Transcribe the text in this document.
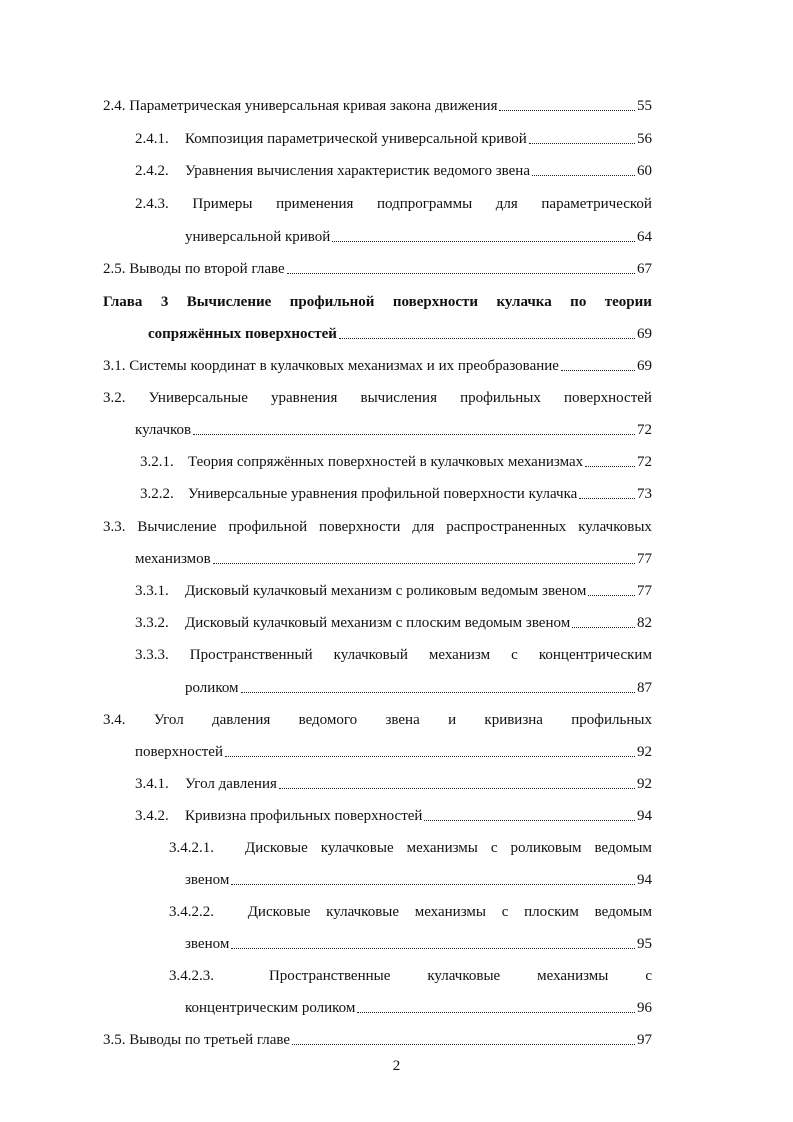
2.4. Параметрическая универсальная кривая закона движения	55
2.4.1. Композиция параметрической универсальной кривой	56
2.4.2. Уравнения вычисления характеристик ведомого звена	60
2.4.3. Примеры применения подпрограммы для параметрической
универсальной кривой	64
2.5. Выводы по второй главе	67
Глава 3 Вычисление профильной поверхности кулачка по теории
сопряжённых поверхностей	69
3.1. Системы координат в кулачковых механизмах и их преобразование	69
3.2. Универсальные уравнения вычисления профильных поверхностей
кулачков	72
3.2.1. Теория сопряжённых поверхностей в кулачковых механизмах	72
3.2.2. Универсальные уравнения профильной поверхности кулачка	73
3.3. Вычисление профильной поверхности для распространенных кулачковых
механизмов	77
3.3.1. Дисковый кулачковый механизм с роликовым ведомым звеном	77
3.3.2. Дисковый кулачковый механизм с плоским ведомым звеном	82
3.3.3. Пространственный кулачковый механизм с концентрическим
роликом	87
3.4. Угол давления ведомого звена и кривизна профильных
поверхностей	92
3.4.1. Угол давления	92
3.4.2. Кривизна профильных поверхностей	94
3.4.2.1. Дисковые кулачковые механизмы с роликовым ведомым
звеном	94
3.4.2.2. Дисковые кулачковые механизмы с плоским ведомым
звеном	95
3.4.2.3.	Пространственные кулачковые механизмы с
концентрическим роликом	96
3.5. Выводы по третьей главе	97
2
